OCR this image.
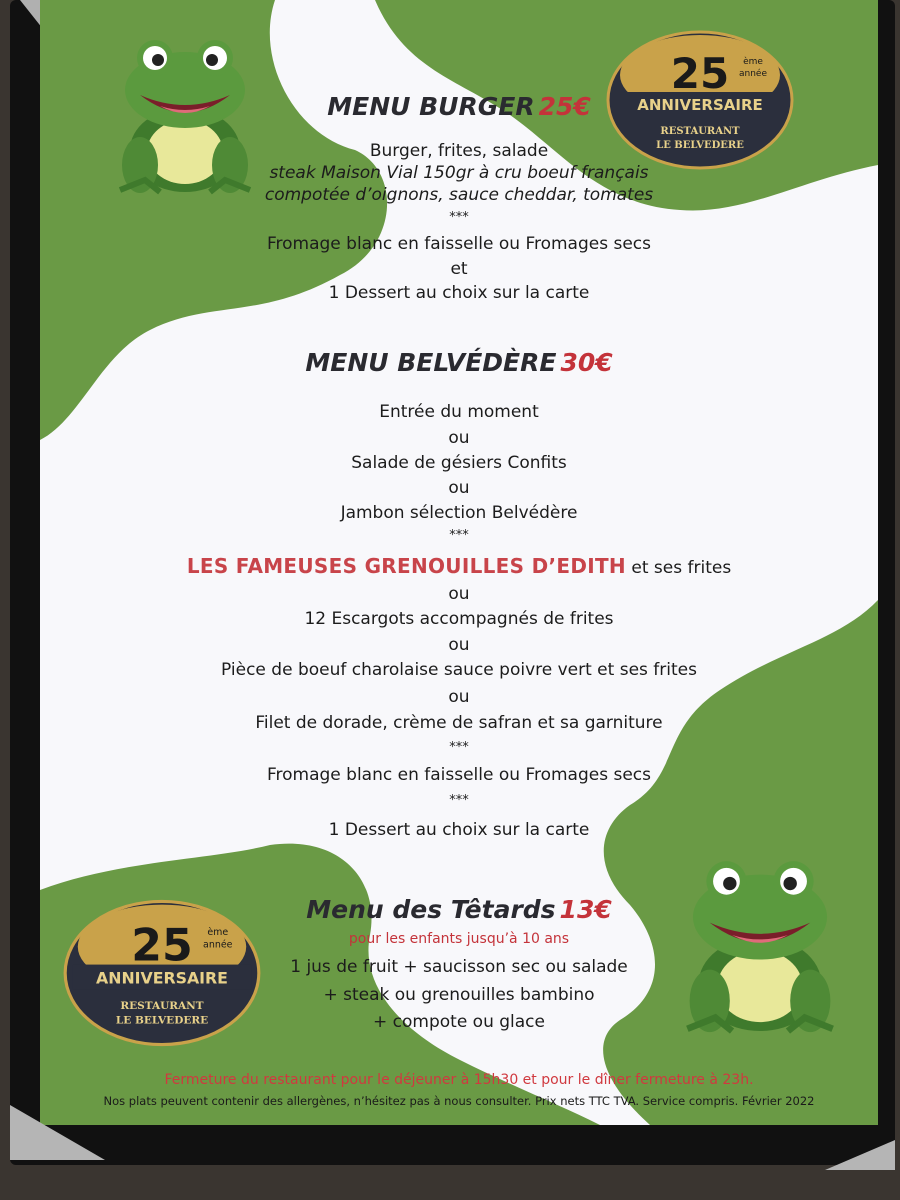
25 ème
année
ANNIVERSAIRE
RESTAURANT
LE BELVEDERE
25 ème
année
ANNIVERSAIRE
RESTAURANT
LE BELVEDERE
MENU BURGER 25€
Burger, frites, salade
steak Maison Vial 150gr à cru boeuf français
compotée d’oignons, sauce cheddar, tomates
***
Fromage blanc en faisselle ou Fromages secs
et
1 Dessert au choix sur la carte
MENU BELVÉDÈRE 30€
Entrée du moment
ou
Salade de gésiers Confits
ou
Jambon sélection Belvédère
***
LES FAMEUSES GRENOUILLES D’EDITH et ses frites
ou
12 Escargots accompagnés de frites
ou
Pièce de boeuf charolaise sauce poivre vert et ses frites
ou
Filet de dorade, crème de safran et sa garniture
***
Fromage blanc en faisselle ou Fromages secs
***
1 Dessert au choix sur la carte
Menu des Têtards 13€
pour les enfants jusqu’à 10 ans
1 jus de fruit + saucisson sec ou salade
+ steak ou grenouilles bambino
+ compote ou glace
Fermeture du restaurant pour le déjeuner à 15h30 et pour le dîner fermeture à 23h.
Nos plats peuvent contenir des allergènes, n’hésitez pas à nous consulter. Prix nets TTC TVA. Service compris. Février 2022
